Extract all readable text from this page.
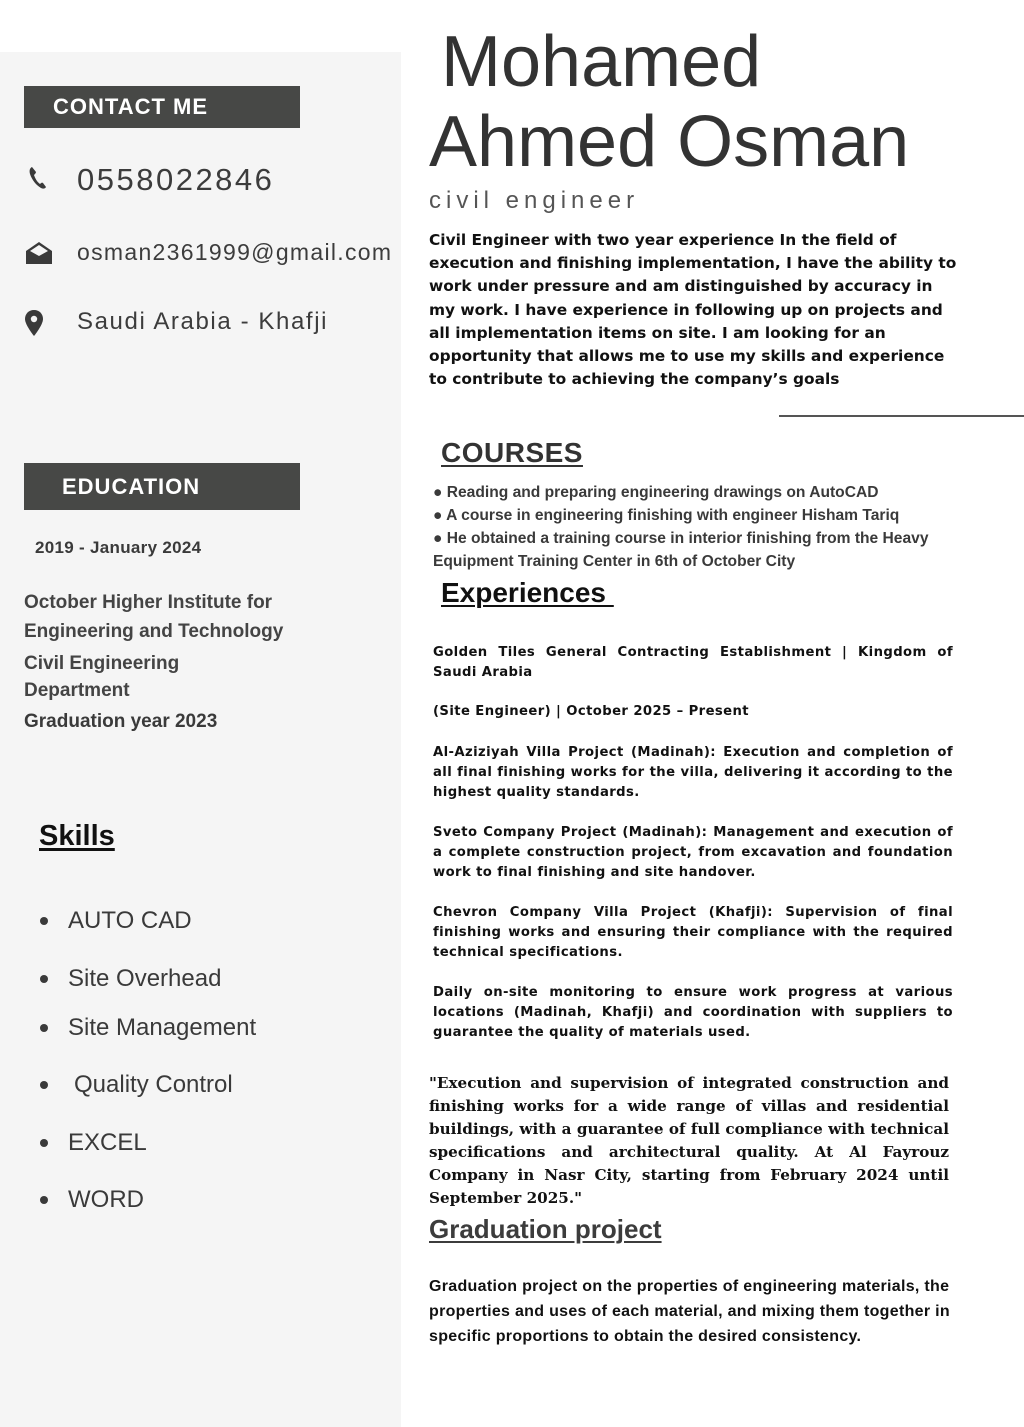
CONTACT ME
0558022846
osman2361999@gmail.com
Saudi Arabia - Khafji
EDUCATION
2019 - January 2024
October Higher Institute for Engineering and Technology
Civil Engineering Department
Graduation year 2023
Skills
AUTO CAD
Site Overhead
Site Management
Quality Control
EXCEL
WORD
Mohamed
Ahmed Osman
civil engineer
Civil Engineer with two year experience In the field of execution and finishing implementation, I have the ability to work under pressure and am distinguished by accuracy in my work. I have experience in following up on projects and all implementation items on site. I am looking for an opportunity that allows me to use my skills and experience to contribute to achieving the company’s goals
COURSES
● Reading and preparing engineering drawings on AutoCAD
● A course in engineering finishing with engineer Hisham Tariq
● He obtained a training course in interior finishing from the Heavy Equipment Training Center in 6th of October City
Experiences
Golden Tiles General Contracting Establishment | Kingdom of Saudi Arabia
(Site Engineer) | October 2025 – Present
Al-Aziziyah Villa Project (Madinah): Execution and completion of all final finishing works for the villa, delivering it according to the highest quality standards.
Sveto Company Project (Madinah): Management and execution of a complete construction project, from excavation and foundation work to final finishing and site handover.
Chevron Company Villa Project (Khafji): Supervision of final finishing works and ensuring their compliance with the required technical specifications.
Daily on-site monitoring to ensure work progress at various locations (Madinah, Khafji) and coordination with suppliers to guarantee the quality of materials used.
"Execution and supervision of integrated construction and finishing works for a wide range of villas and residential buildings, with a guarantee of full compliance with technical specifications and architectural quality. At Al Fayrouz Company in Nasr City, starting from February 2024 until September 2025."
Graduation project
Graduation project on the properties of engineering materials, the properties and uses of each material, and mixing them together in specific proportions to obtain the desired consistency.
